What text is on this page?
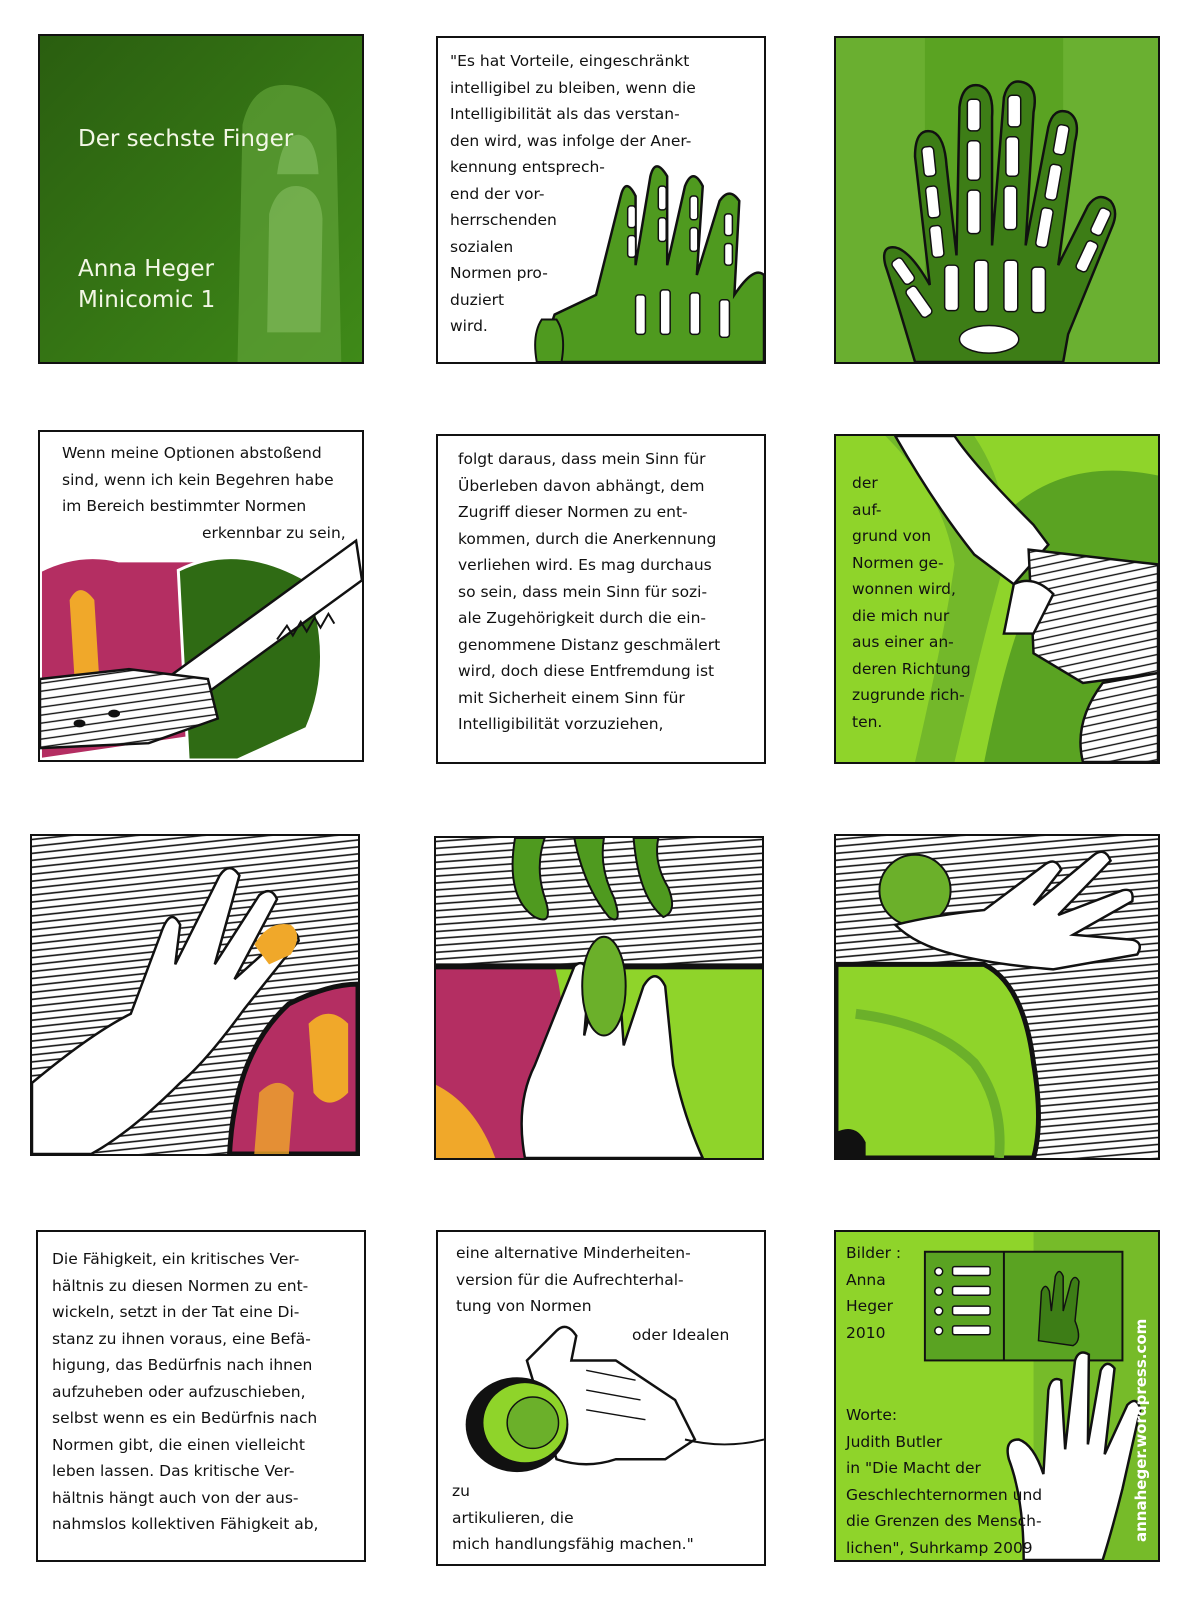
Der sechste Finger
Anna Heger
Minicomic 1
"Es hat Vorteile, eingeschränkt
intelligibel zu bleiben, wenn die
Intelligibilität als das verstan-
den wird, was infolge der Aner-
kennung entsprech-
end der vor-
herrschenden
sozialen
Normen pro-
duziert
wird.
Wenn meine Optionen abstoßend
sind, wenn ich kein Begehren habe
im Bereich bestimmter Normen
erkennbar zu sein,
folgt daraus, dass mein Sinn für
Überleben davon abhängt, dem
Zugriff dieser Normen zu ent-
kommen, durch die Anerkennung
verliehen wird. Es mag durchaus
so sein, dass mein Sinn für sozi-
ale Zugehörigkeit durch die ein-
genommene Distanz geschmälert
wird, doch diese Entfremdung ist
mit Sicherheit einem Sinn für
Intelligibilität vorzuziehen,
der
auf-
grund von
Normen ge-
wonnen wird,
die mich nur
aus einer an-
deren Richtung
zugrunde rich-
ten.
Die Fähigkeit, ein kritisches Ver-
hältnis zu diesen Normen zu ent-
wickeln, setzt in der Tat eine Di-
stanz zu ihnen voraus, eine Befä-
higung, das Bedürfnis nach ihnen
aufzuheben oder aufzuschieben,
selbst wenn es ein Bedürfnis nach
Normen gibt, die einen vielleicht
leben lassen. Das kritische Ver-
hältnis hängt auch von der aus-
nahmslos kollektiven Fähigkeit ab,
eine alternative Minderheiten-
version für die Aufrechterhal-
tung von Normen
oder Idealen
zu
artikulieren, die
mich handlungsfähig machen."
Bilder :
Anna
Heger
2010
Worte:
Judith Butler
in "Die Macht der
Geschlechternormen und
die Grenzen des Mensch-
lichen", Suhrkamp 2009
annaheger.wordpress.com
